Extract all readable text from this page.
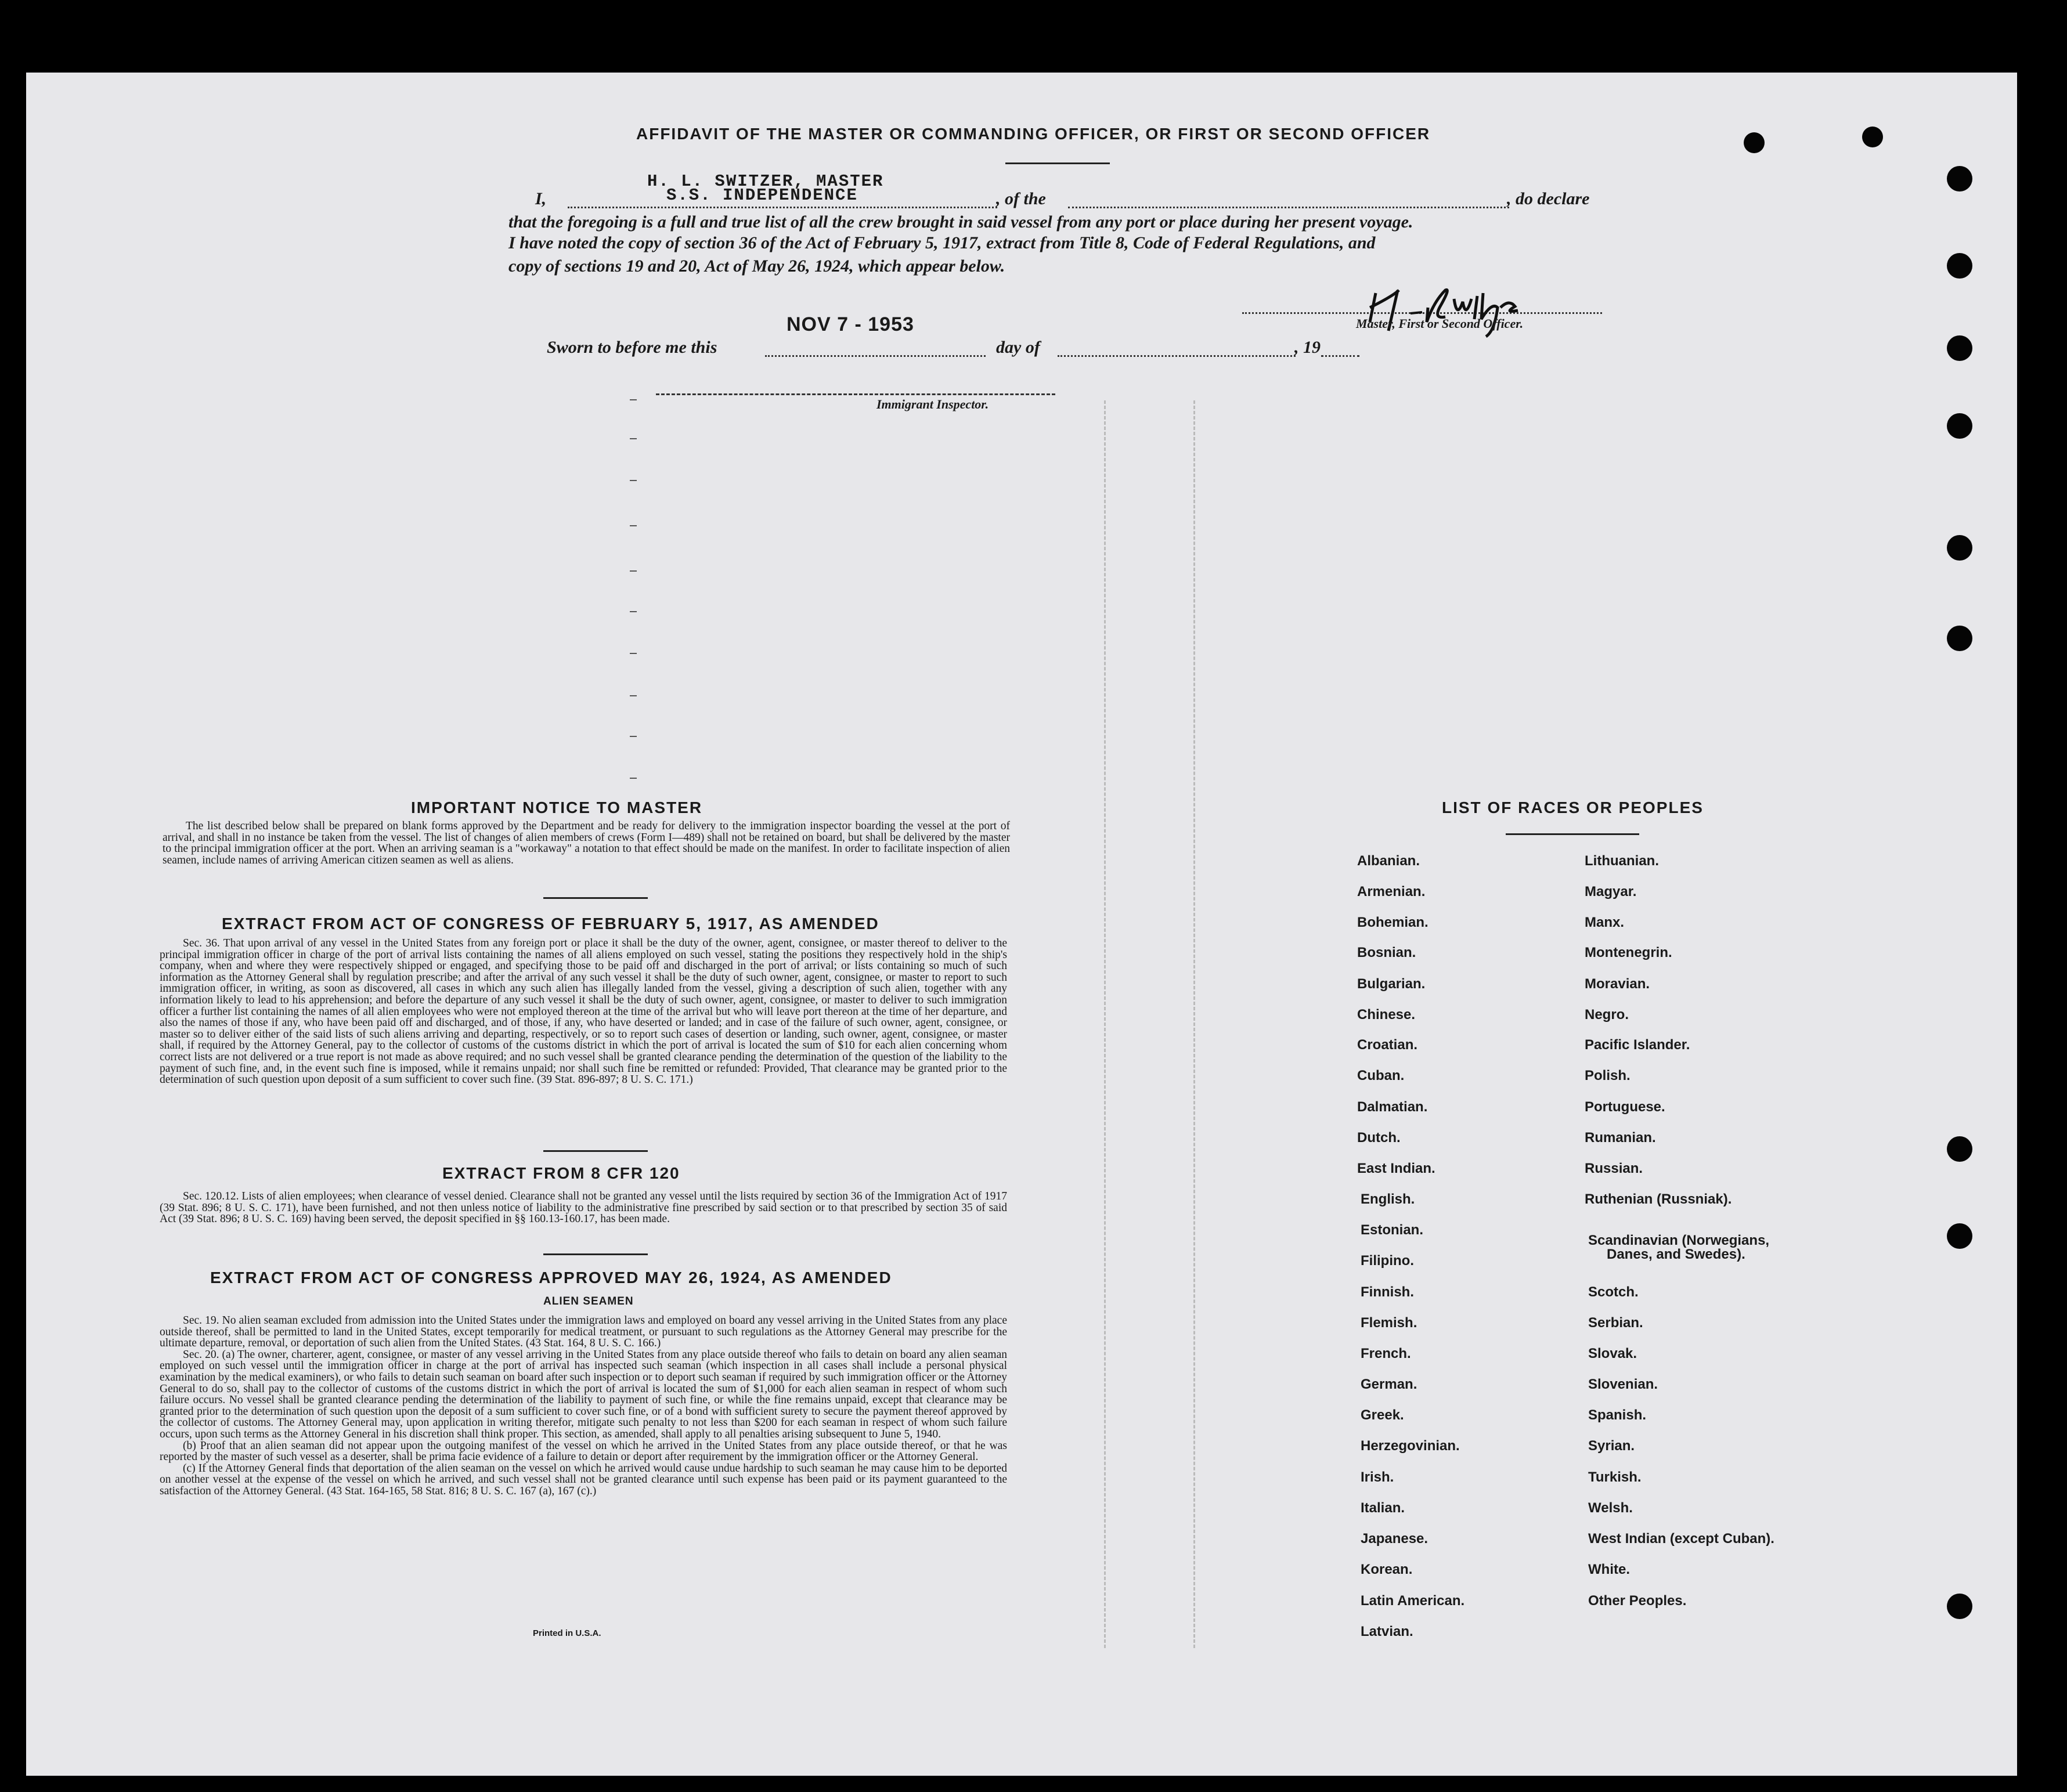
AFFIDAVIT OF THE MASTER OR COMMANDING OFFICER, OR FIRST OR SECOND OFFICER
H. L. SWITZER, MASTER
S.S. INDEPENDENCE
I,	, of the	, do declare
that the foregoing is a full and true list of all the crew brought in said vessel from any port or place during her present voyage.
I have noted the copy of section 36 of the Act of February 5, 1917, extract from Title 8, Code of Federal Regulations, and
copy of sections 19 and 20, Act of May 26, 1924, which appear below.
Master, First or Second Officer.
NOV 7 - 1953
Sworn to before me this	day of	, 19
Immigrant Inspector.
IMPORTANT NOTICE TO MASTER

The list described below shall be prepared on blank forms approved by the Department and be ready for delivery to the immigration inspector boarding the vessel at the port of arrival, and shall in no instance be taken from the vessel. The list of changes of alien members of crews (Form I—489) shall not be retained on board, but shall be delivered by the master to the principal immigration officer at the port. When an arriving seaman is a "workaway" a notation to that effect should be made on the manifest. In order to facilitate inspection of alien seamen, include names of arriving American citizen seamen as well as aliens.

EXTRACT FROM ACT OF CONGRESS OF FEBRUARY 5, 1917, AS AMENDED

Sec. 36. That upon arrival of any vessel in the United States from any foreign port or place it shall be the duty of the owner, agent, consignee, or master thereof to deliver to the principal immigration officer in charge of the port of arrival lists containing the names of all aliens employed on such vessel, stating the positions they respectively hold in the ship's company, when and where they were respectively shipped or engaged, and specifying those to be paid off and discharged in the port of arrival; or lists containing so much of such information as the Attorney General shall by regulation prescribe; and after the arrival of any such vessel it shall be the duty of such owner, agent, consignee, or master to report to such immigration officer, in writing, as soon as discovered, all cases in which any such alien has illegally landed from the vessel, giving a description of such alien, together with any information likely to lead to his apprehension; and before the departure of any such vessel it shall be the duty of such owner, agent, consignee, or master to deliver to such immigration officer a further list containing the names of all alien employees who were not employed thereon at the time of the arrival but who will leave port thereon at the time of her departure, and also the names of those if any, who have been paid off and discharged, and of those, if any, who have deserted or landed; and in case of the failure of such owner, agent, consignee, or master so to deliver either of the said lists of such aliens arriving and departing, respectively, or so to report such cases of desertion or landing, such owner, agent, consignee, or master shall, if required by the Attorney General, pay to the collector of customs of the customs district in which the port of arrival is located the sum of $10 for each alien concerning whom correct lists are not delivered or a true report is not made as above required; and no such vessel shall be granted clearance pending the determination of the question of the liability to the payment of such fine, and, in the event such fine is imposed, while it remains unpaid; nor shall such fine be remitted or refunded: Provided, That clearance may be granted prior to the determination of such question upon deposit of a sum sufficient to cover such fine. (39 Stat. 896-897; 8 U. S. C. 171.)

EXTRACT FROM 8 CFR 120

Sec. 120.12. Lists of alien employees; when clearance of vessel denied. Clearance shall not be granted any vessel until the lists required by section 36 of the Immigration Act of 1917 (39 Stat. 896; 8 U. S. C. 171), have been furnished, and not then unless notice of liability to the administrative fine prescribed by said section or to that prescribed by section 35 of said Act (39 Stat. 896; 8 U. S. C. 169) having been served, the deposit specified in §§ 160.13-160.17, has been made.

EXTRACT FROM ACT OF CONGRESS APPROVED MAY 26, 1924, AS AMENDED
ALIEN SEAMEN

Sec. 19. No alien seaman excluded from admission into the United States under the immigration laws and employed on board any vessel arriving in the United States from any place outside thereof, shall be permitted to land in the United States, except temporarily for medical treatment, or pursuant to such regulations as the Attorney General may prescribe for the ultimate departure, removal, or deportation of such alien from the United States. (43 Stat. 164, 8 U. S. C. 166.)

Sec. 20. (a) The owner, charterer, agent, consignee, or master of any vessel arriving in the United States from any place outside thereof who fails to detain on board any alien seaman employed on such vessel until the immigration officer in charge at the port of arrival has inspected such seaman (which inspection in all cases shall include a personal physical examination by the medical examiners), or who fails to detain such seaman on board after such inspection or to deport such seaman if required by such immigration officer or the Attorney General to do so, shall pay to the collector of customs of the customs district in which the port of arrival is located the sum of $1,000 for each alien seaman in respect of whom such failure occurs. No vessel shall be granted clearance pending the determination of the liability to payment of such fine, or while the fine remains unpaid, except that clearance may be granted prior to the determination of such question upon the deposit of a sum sufficient to cover such fine, or of a bond with sufficient surety to secure the payment thereof approved by the collector of customs. The Attorney General may, upon application in writing therefor, mitigate such penalty to not less than $200 for each seaman in respect of whom such failure occurs, upon such terms as the Attorney General in his discretion shall think proper. This section, as amended, shall apply to all penalties arising subsequent to June 5, 1940.

(b) Proof that an alien seaman did not appear upon the outgoing manifest of the vessel on which he arrived in the United States from any place outside thereof, or that he was reported by the master of such vessel as a deserter, shall be prima facie evidence of a failure to detain or deport after requirement by the immigration officer or the Attorney General.

(c) If the Attorney General finds that deportation of the alien seaman on the vessel on which he arrived would cause undue hardship to such seaman he may cause him to be deported on another vessel at the expense of the vessel on which he arrived, and such vessel shall not be granted clearance until such expense has been paid or its payment guaranteed to the satisfaction of the Attorney General. (43 Stat. 164-165, 58 Stat. 816; 8 U. S. C. 167 (a), 167 (c).)

Printed in U.S.A.
LIST OF RACES OR PEOPLES
Albanian.
Armenian.
Bohemian.
Bosnian.
Bulgarian.
Chinese.
Croatian.
Cuban.
Dalmatian.
Dutch.
East Indian.
English.
Estonian.
Filipino.
Finnish.
Flemish.
French.
German.
Greek.
Herzegovinian.
Irish.
Italian.
Japanese.
Korean.
Latin American.
Latvian.
Lithuanian.
Magyar.
Manx.
Montenegrin.
Moravian.
Negro.
Pacific Islander.
Polish.
Portuguese.
Rumanian.
Russian.
Ruthenian (Russniak).
Scandinavian (Norwegians,
Danes, and Swedes).
Scotch.
Serbian.
Slovak.
Slovenian.
Spanish.
Syrian.
Turkish.
Welsh.
West Indian (except Cuban).
White.
Other Peoples.
